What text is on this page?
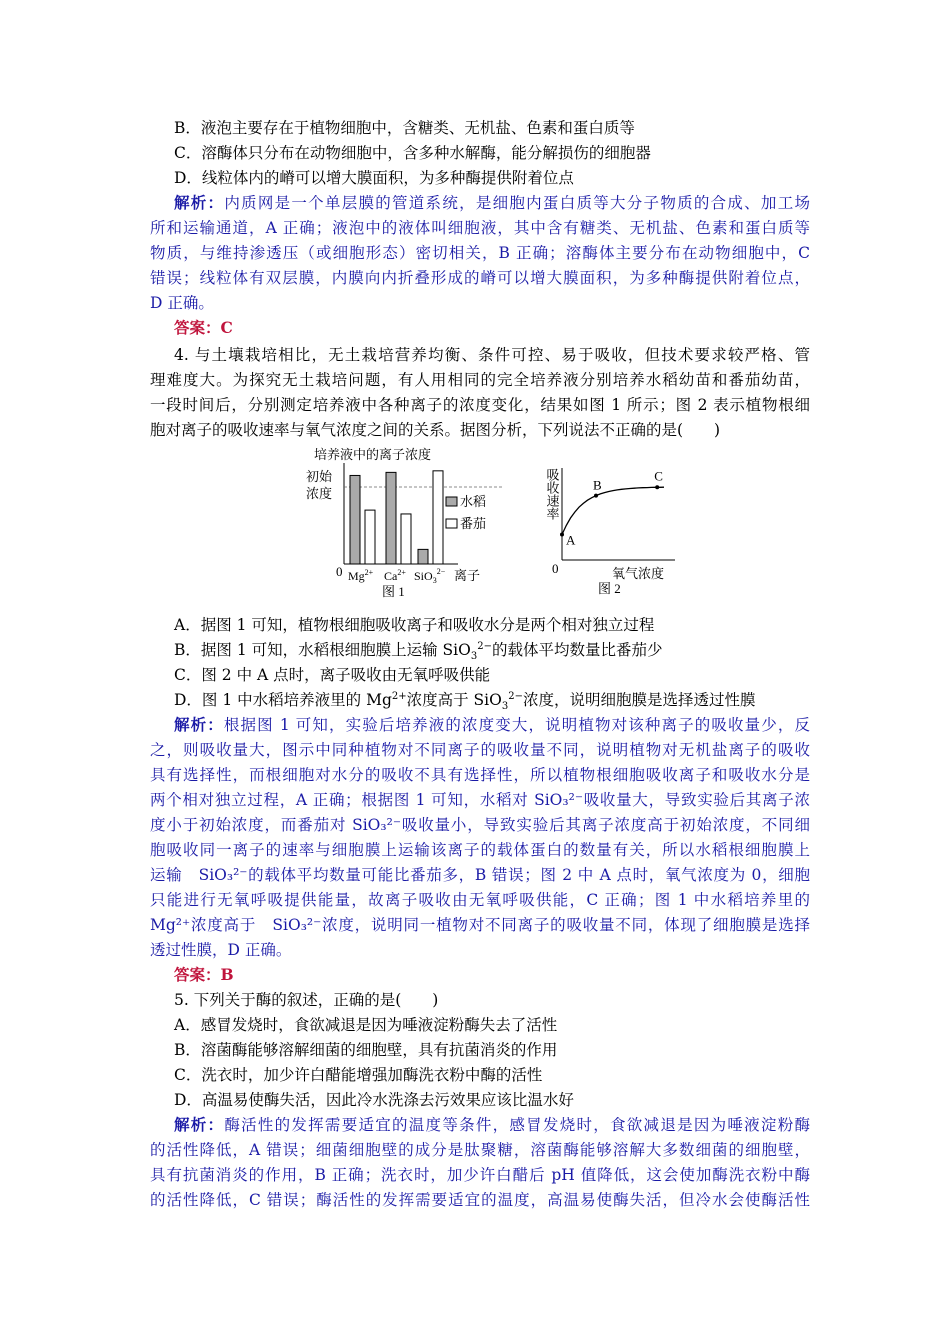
B．液泡主要存在于植物细胞中，含糖类、无机盐、色素和蛋白质等
C．溶酶体只分布在动物细胞中，含多种水解酶，能分解损伤的细胞器
D．线粒体内的嵴可以增大膜面积，为多种酶提供附着位点
解析：内质网是一个单层膜的管道系统，是细胞内蛋白质等大分子物质的合成、加工场
所和运输通道，A 正确；液泡中的液体叫细胞液，其中含有糖类、无机盐、色素和蛋白质等
物质，与维持渗透压（或细胞形态）密切相关，B 正确；溶酶体主要分布在动物细胞中，C
错误；线粒体有双层膜，内膜向内折叠形成的嵴可以增大膜面积，为多种酶提供附着位点，
D 正确。
答案：C
4. 与土壤栽培相比，无土栽培营养均衡、条件可控、易于吸收，但技术要求较严格、管
理难度大。为探究无土栽培问题，有人用相同的完全培养液分别培养水稻幼苗和番茄幼苗，
一段时间后，分别测定培养液中各种离子的浓度变化，结果如图 1 所示；图 2 表示植物根细
胞对离子的吸收速率与氧气浓度之间的关系。据图分析，下列说法不正确的是(　　)
培养液中的离子浓度
初始
浓度
0 $Mg^{2+}$ $Ca^{2+}$ SiO$_3^{2-}$ 离子
图 1
水稻
番茄
吸收速率
A
B
C
0	氧气浓度
图 2
A．据图 1 可知，植物根细胞吸收离子和吸收水分是两个相对独立过程
B．据图 1 可知，水稻根细胞膜上运输 SiO$_3^{2-}$的载体平均数量比番茄少
C．图 2 中 A 点时，离子吸收由无氧呼吸供能
D．图 1 中水稻培养液里的 $Mg^{2+}$浓度高于 SiO$_3^{2-}$浓度，说明细胞膜是选择透过性膜
解析：根据图 1 可知，实验后培养液的浓度变大，说明植物对该种离子的吸收量少，反
之，则吸收量大，图示中同种植物对不同离子的吸收量不同，说明植物对无机盐离子的吸收
具有选择性，而根细胞对水分的吸收不具有选择性，所以植物根细胞吸收离子和吸收水分是
两个相对独立过程，A 正确；根据图 1 可知，水稻对 SiO₃²⁻吸收量大，导致实验后其离子浓
度小于初始浓度，而番茄对 SiO₃²⁻吸收量小，导致实验后其离子浓度高于初始浓度，不同细
胞吸收同一离子的速率与细胞膜上运输该离子的载体蛋白的数量有关，所以水稻根细胞膜上
运输　SiO₃²⁻的载体平均数量可能比番茄多，B 错误；图 2 中 A 点时，氧气浓度为 0，细胞
只能进行无氧呼吸提供能量，故离子吸收由无氧呼吸供能，C 正确；图 1 中水稻培养里的
Mg²⁺浓度高于　SiO₃²⁻浓度，说明同一植物对不同离子的吸收量不同，体现了细胞膜是选择
透过性膜，D 正确。
答案：B
5. 下列关于酶的叙述，正确的是(　　)
A．感冒发烧时，食欲减退是因为唾液淀粉酶失去了活性
B．溶菌酶能够溶解细菌的细胞壁，具有抗菌消炎的作用
C．洗衣时，加少许白醋能增强加酶洗衣粉中酶的活性
D．高温易使酶失活，因此冷水洗涤去污效果应该比温水好
解析：酶活性的发挥需要适宜的温度等条件，感冒发烧时，食欲减退是因为唾液淀粉酶
的活性降低，A 错误；细菌细胞壁的成分是肽聚糖，溶菌酶能够溶解大多数细菌的细胞壁，
具有抗菌消炎的作用，B 正确；洗衣时，加少许白醋后 pH 值降低，这会使加酶洗衣粉中酶
的活性降低，C 错误；酶活性的发挥需要适宜的温度，高温易使酶失活，但冷水会使酶活性
